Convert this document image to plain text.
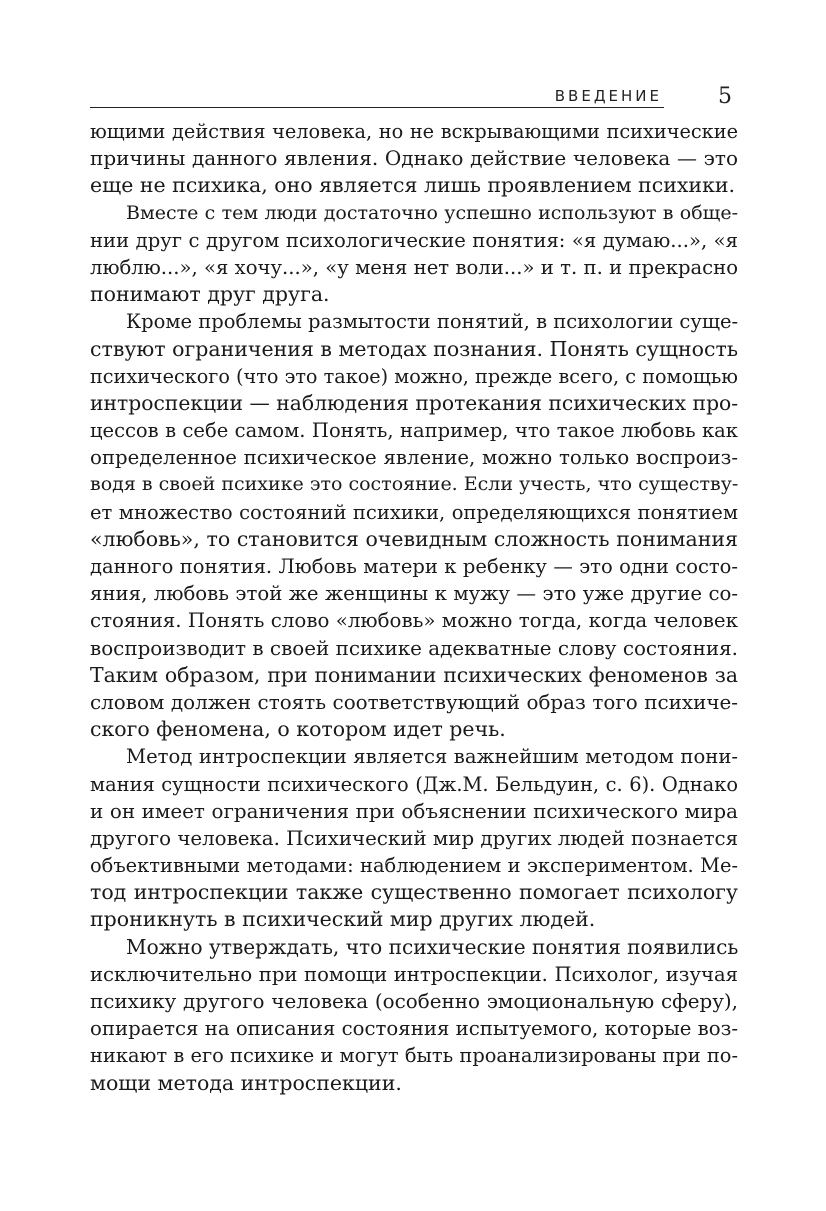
ВВЕДЕНИЕ	5
ющими действия человека, но не вскрывающими психические
причины данного явления. Однако действие человека — это
еще не психика, оно является лишь проявлением психики.
Вместе с тем люди достаточно успешно используют в обще-
нии друг с другом психологические понятия: «я думаю...», «я
люблю...», «я хочу...», «у меня нет воли...» и т. п. и прекрасно
понимают друг друга.
Кроме проблемы размытости понятий, в психологии суще-
ствуют ограничения в методах познания. Понять сущность
психического (что это такое) можно, прежде всего, с помощью
интроспекции — наблюдения протекания психических про-
цессов в себе самом. Понять, например, что такое любовь как
определенное психическое явление, можно только воспроиз-
водя в своей психике это состояние. Если учесть, что существу-
ет множество состояний психики, определяющихся понятием
«любовь», то становится очевидным сложность понимания
данного понятия. Любовь матери к ребенку — это одни состо-
яния, любовь этой же женщины к мужу — это уже другие со-
стояния. Понять слово «любовь» можно тогда, когда человек
воспроизводит в своей психике адекватные слову состояния.
Таким образом, при понимании психических феноменов за
словом должен стоять соответствующий образ того психиче-
ского феномена, о котором идет речь.
Метод интроспекции является важнейшим методом пони-
мания сущности психического (Дж.М. Бельдуин, с. 6). Однако
и он имеет ограничения при объяснении психического мира
другого человека. Психический мир других людей познается
объективными методами: наблюдением и экспериментом. Ме-
тод интроспекции также существенно помогает психологу
проникнуть в психический мир других людей.
Можно утверждать, что психические понятия появились
исключительно при помощи интроспекции. Психолог, изучая
психику другого человека (особенно эмоциональную сферу),
опирается на описания состояния испытуемого, которые воз-
никают в его психике и могут быть проанализированы при по-
мощи метода интроспекции.
